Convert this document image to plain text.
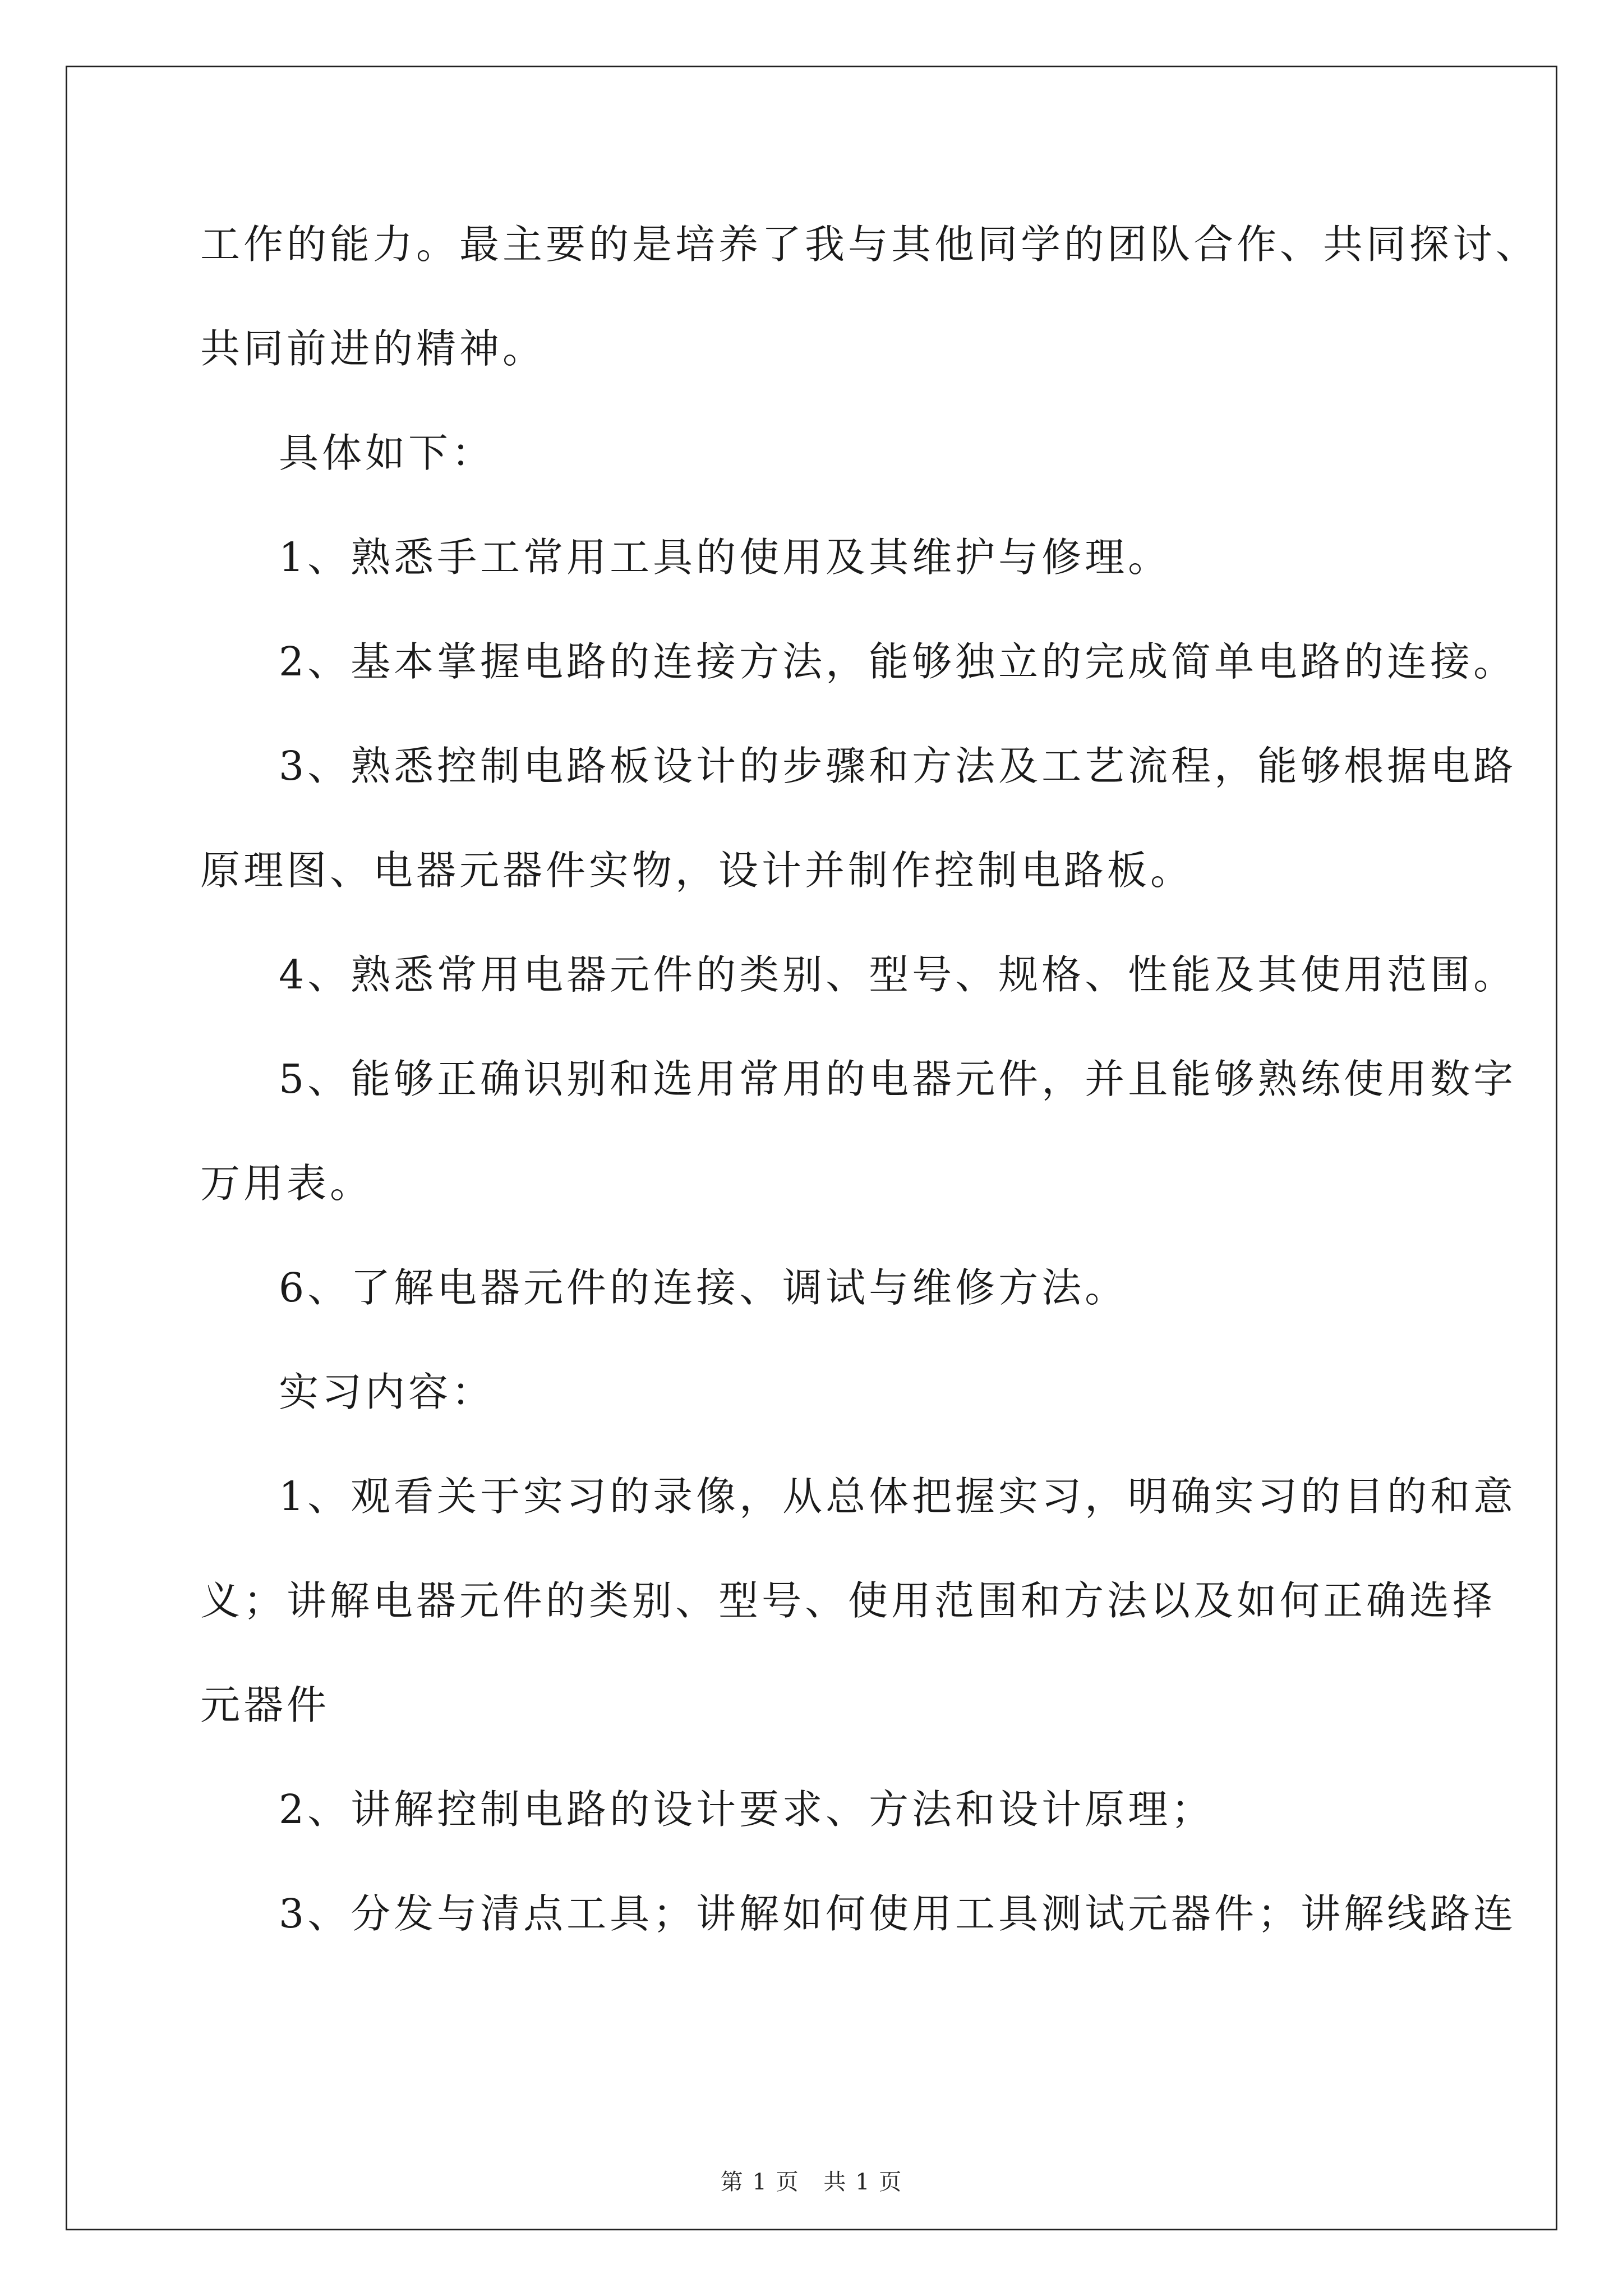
工作的能力。最主要的是培养了我与其他同学的团队合作、共同探讨、
共同前进的精神。
具体如下：
1、熟悉手工常用工具的使用及其维护与修理。
2、基本掌握电路的连接方法，能够独立的完成简单电路的连接。
3、熟悉控制电路板设计的步骤和方法及工艺流程，能够根据电路
原理图、电器元器件实物，设计并制作控制电路板。
4、熟悉常用电器元件的类别、型号、规格、性能及其使用范围。
5、能够正确识别和选用常用的电器元件，并且能够熟练使用数字
万用表。
6、了解电器元件的连接、调试与维修方法。
实习内容：
1、观看关于实习的录像，从总体把握实习，明确实习的目的和意
义；讲解电器元件的类别、型号、使用范围和方法以及如何正确选择
元器件
2、讲解控制电路的设计要求、方法和设计原理；
3、分发与清点工具；讲解如何使用工具测试元器件；讲解线路连
第 1 页 共 1 页
